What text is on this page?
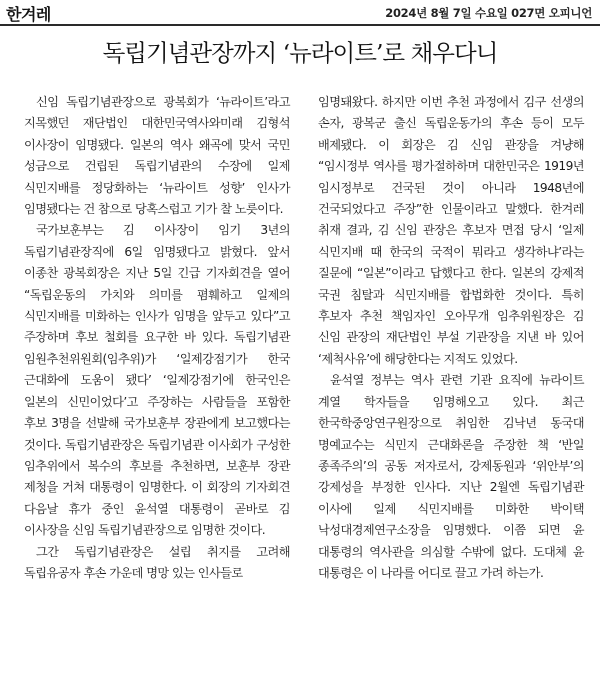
한겨레	2024년 8월 7일 수요일 027면 오피니언
독립기념관장까지 ‘뉴라이트’로 채우다니

신임 독립기념관장으로 광복회가 ‘뉴라이트’라고 지목했던 재단법인 대한민국역사와미래 김형석 이사장이 임명됐다. 일본의 역사 왜곡에 맞서 국민 성금으로 건립된 독립기념관의 수장에 일제 식민지배를 정당화하는 ‘뉴라이트 성향’ 인사가 임명됐다는 건 참으로 당혹스럽고 기가 찰 노릇이다.

국가보훈부는 김 이사장이 임기 3년의 독립기념관장직에 6일 임명됐다고 밝혔다. 앞서 이종찬 광복회장은 지난 5일 긴급 기자회견을 열어 “독립운동의 가치와 의미를 폄훼하고 일제의 식민지배를 미화하는 인사가 임명을 앞두고 있다”고 주장하며 후보 철회를 요구한 바 있다. 독립기념관 임원추천위원회(임추위)가 ‘일제강점기가 한국 근대화에 도움이 됐다’ ‘일제강점기에 한국인은 일본의 신민이었다’고 주장하는 사람들을 포함한 후보 3명을 선발해 국가보훈부 장관에게 보고했다는 것이다. 독립기념관장은 독립기념관 이사회가 구성한 임추위에서 복수의 후보를 추천하면, 보훈부 장관 제청을 거쳐 대통령이 임명한다. 이 회장의 기자회견 다음날 휴가 중인 윤석열 대통령이 곧바로 김 이사장을 신임 독립기념관장으로 임명한 것이다.

그간 독립기념관장은 설립 취지를 고려해 독립유공자 후손 가운데 명망 있는 인사들로

임명돼왔다. 하지만 이번 추천 과정에서 김구 선생의 손자, 광복군 출신 독립운동가의 후손 등이 모두 배제됐다. 이 회장은 김 신임 관장을 겨냥해 “임시정부 역사를 평가절하하며 대한민국은 1919년 임시정부로 건국된 것이 아니라 1948년에 건국되었다고 주장”한 인물이라고 말했다. 한겨레 취재 결과, 김 신임 관장은 후보자 면접 당시 ‘일제 식민지배 때 한국의 국적이 뭐라고 생각하냐’라는 질문에 “일본”이라고 답했다고 한다. 일본의 강제적 국권 침탈과 식민지배를 합법화한 것이다. 특히 후보자 추천 책임자인 오아무개 임추위원장은 김 신임 관장의 재단법인 부설 기관장을 지낸 바 있어 ‘제척사유’에 해당한다는 지적도 있었다.

윤석열 정부는 역사 관련 기관 요직에 뉴라이트 계열 학자들을 임명해오고 있다. 최근 한국학중앙연구원장으로 취임한 김낙년 동국대 명예교수는 식민지 근대화론을 주장한 책 ‘반일 종족주의’의 공동 저자로서, 강제동원과 ‘위안부’의 강제성을 부정한 인사다. 지난 2월엔 독립기념관 이사에 일제 식민지배를 미화한 박이택 낙성대경제연구소장을 임명했다. 이쯤 되면 윤 대통령의 역사관을 의심할 수밖에 없다. 도대체 윤 대통령은 이 나라를 어디로 끌고 가려 하는가.
